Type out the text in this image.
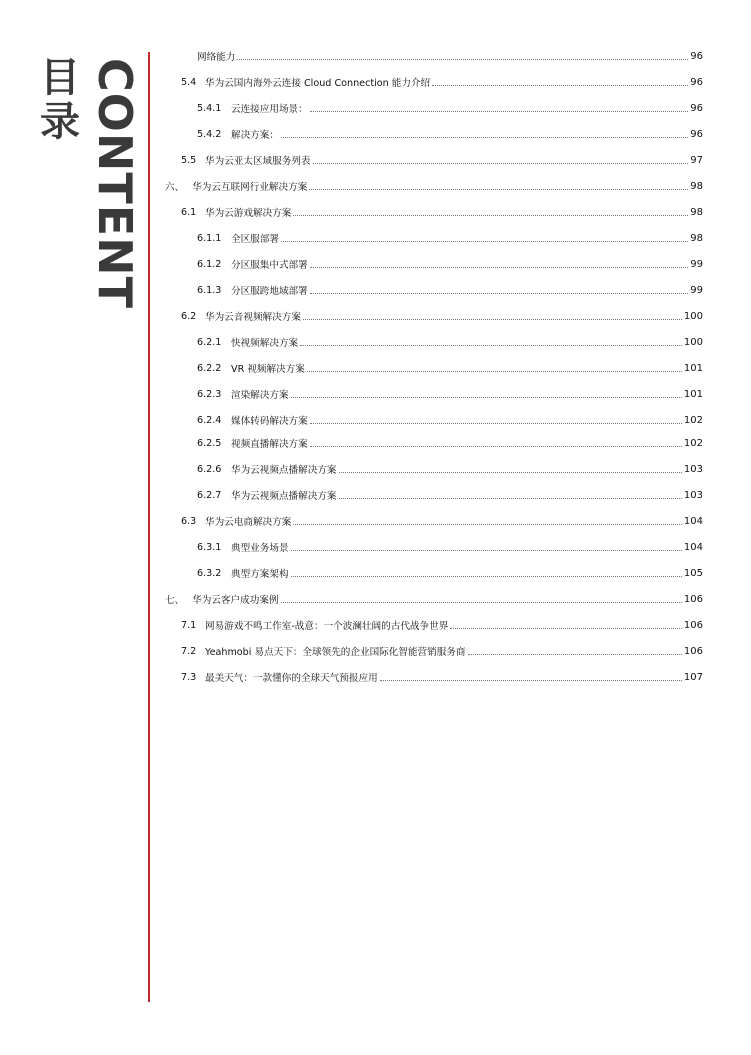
目录 CONTENT
网络能力	96
5.4 华为云国内海外云连接 Cloud Connection 能力介绍	96
5.4.1 云连接应用场景：	96
5.4.2 解决方案：	96
5.5 华为云亚太区域服务列表	97
六、 华为云互联网行业解决方案	98
6.1 华为云游戏解决方案	98
6.1.1 全区服部署	98
6.1.2 分区服集中式部署	99
6.1.3 分区服跨地域部署	99
6.2 华为云音视频解决方案	100
6.2.1 快视频解决方案	100
6.2.2 VR 视频解决方案	101
6.2.3 渲染解决方案	101
6.2.4 媒体转码解决方案	102
6.2.5 视频直播解决方案	102
6.2.6 华为云视频点播解决方案	103
6.2.7 华为云视频点播解决方案	103
6.3 华为云电商解决方案	104
6.3.1 典型业务场景	104
6.3.2 典型方案架构	105
七、 华为云客户成功案例	106
7.1 网易游戏不鸣工作室-战意：一个波澜壮阔的古代战争世界	106
7.2 Yeahmobi 易点天下：全球领先的企业国际化智能营销服务商	106
7.3 最美天气：一款懂你的全球天气预报应用	107
